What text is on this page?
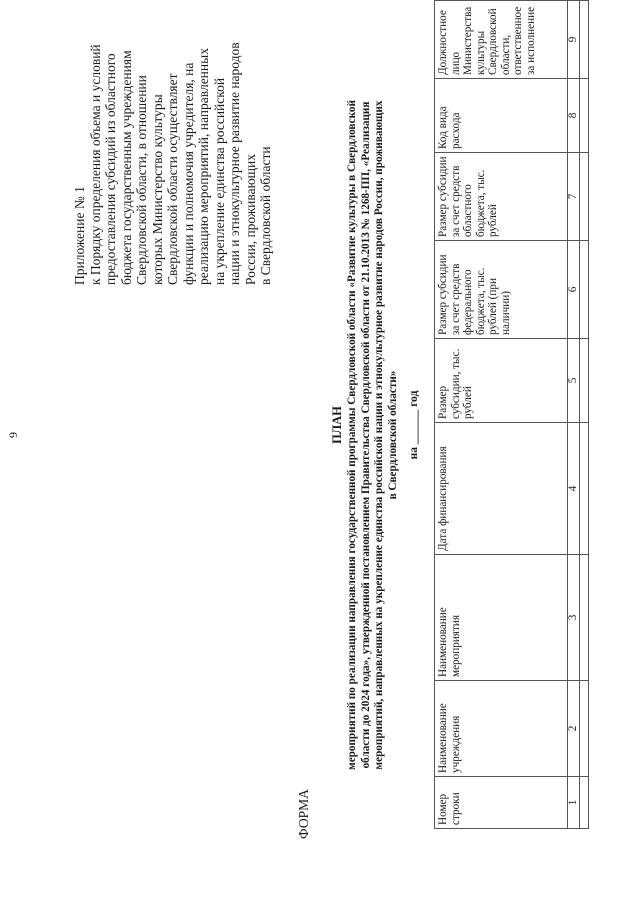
9
Приложение № 1 к Порядку определения объема и условий предоставления субсидий из областного бюджета государственным учреждениям Свердловской области, в отношении которых Министерство культуры Свердловской области осуществляет функции и полномочия учредителя, на реализацию мероприятий, направленных на укрепление единства российской нации и этнокультурное развитие народов России, проживающих в Свердловской области
ФОРМА
ПЛАН мероприятий по реализации направления государственной программы Свердловской области «Развитие культуры в Свердловской области до 2024 года», утвержденной постановлением Правительства Свердловской области от 21.10.2013 № 1268-ПП, «Реализация мероприятий, направленных на укрепление единства российской нации и этнокультурное развитие народов России, проживающих в Свердловской области» на ______ год
Номер строки	Наименование учреждения	Наименование мероприятия	Дата финансирования	Размер субсидии, тыс. рублей	Размер субсидии за счет средств федерального бюджета, тыс. рублей (при наличии)	Размер субсидии за счет средств областного бюджета, тыс. рублей	Код вида расхода	Должностное лицо Министерства культуры Свердловской области, ответственное за исполнение
1	2	3	4	5	6	7	8	9
